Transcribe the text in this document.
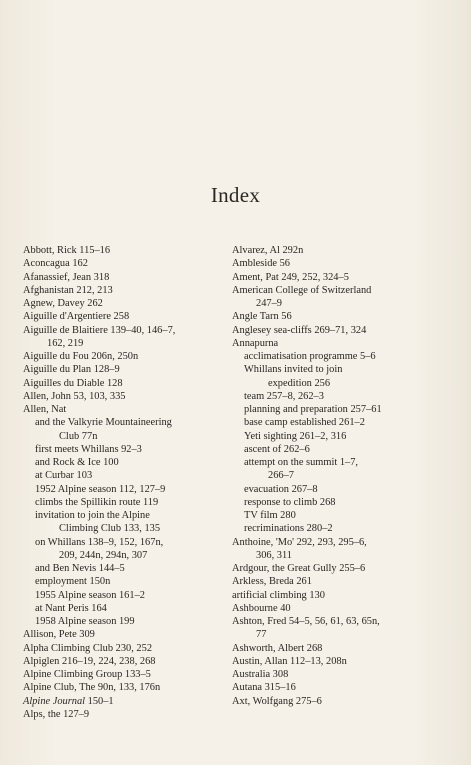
Index
Abbott, Rick 115–16
Aconcagua 162
Afanassief, Jean 318
Afghanistan 212, 213
Agnew, Davey 262
Aiguille d'Argentiere 258
Aiguille de Blaitiere 139–40, 146–7,
162, 219
Aiguille du Fou 206n, 250n
Aiguille du Plan 128–9
Aiguilles du Diable 128
Allen, John 53, 103, 335
Allen, Nat
and the Valkyrie Mountaineering
Club 77n
first meets Whillans 92–3
and Rock & Ice 100
at Curbar 103
1952 Alpine season 112, 127–9
climbs the Spillikin route 119
invitation to join the Alpine
Climbing Club 133, 135
on Whillans 138–9, 152, 167n,
209, 244n, 294n, 307
and Ben Nevis 144–5
employment 150n
1955 Alpine season 161–2
at Nant Peris 164
1958 Alpine season 199
Allison, Pete 309
Alpha Climbing Club 230, 252
Alpiglen 216–19, 224, 238, 268
Alpine Climbing Group 133–5
Alpine Club, The 90n, 133, 176n
Alpine Journal 150–1
Alps, the 127–9
Alvarez, Al 292n
Ambleside 56
Ament, Pat 249, 252, 324–5
American College of Switzerland
247–9
Angle Tarn 56
Anglesey sea-cliffs 269–71, 324
Annapurna
acclimatisation programme 5–6
Whillans invited to join
expedition 256
team 257–8, 262–3
planning and preparation 257–61
base camp established 261–2
Yeti sighting 261–2, 316
ascent of 262–6
attempt on the summit 1–7,
266–7
evacuation 267–8
response to climb 268
TV film 280
recriminations 280–2
Anthoine, 'Mo' 292, 293, 295–6,
306, 311
Ardgour, the Great Gully 255–6
Arkless, Breda 261
artificial climbing 130
Ashbourne 40
Ashton, Fred 54–5, 56, 61, 63, 65n,
77
Ashworth, Albert 268
Austin, Allan 112–13, 208n
Australia 308
Autana 315–16
Axt, Wolfgang 275–6
